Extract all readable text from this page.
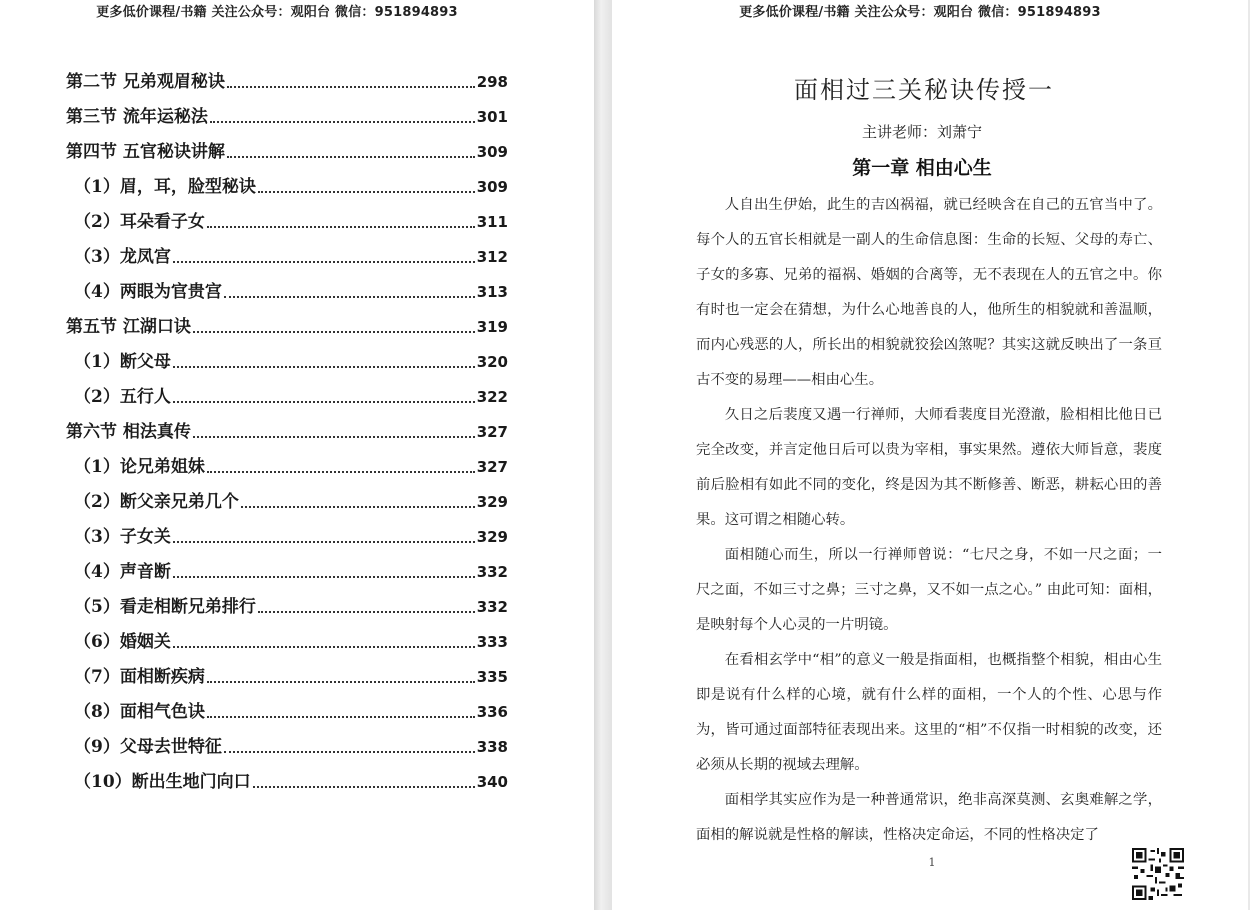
更多低价课程/书籍 关注公众号：观阳台 微信：951894893
第二节 兄弟观眉秘诀	298
第三节 流年运秘法	301
第四节 五官秘诀讲解	309
（1）眉，耳，脸型秘诀	309
（2）耳朵看子女	311
（3）龙凤宫	312
（4）两眼为官贵宫	313
第五节 江湖口诀	319
（1）断父母	320
（2）五行人	322
第六节 相法真传	327
（1）论兄弟姐妹	327
（2）断父亲兄弟几个	329
（3）子女关	329
（4）声音断	332
（5）看走相断兄弟排行	332
（6）婚姻关	333
（7）面相断疾病	335
（8）面相气色诀	336
（9）父母去世特征	338
（10）断出生地门向口	340
更多低价课程/书籍 关注公众号：观阳台 微信：951894893
面相过三关秘诀传授一
主讲老师：刘萧宁
第一章 相由心生

人自出生伊始，此生的吉凶祸福，就已经映含在自己的五官当中了。每个人的五官长相就是一副人的生命信息图：生命的长短、父母的寿亡、子女的多寡、兄弟的福祸、婚姻的合离等，无不表现在人的五官之中。你有时也一定会在猜想，为什么心地善良的人，他所生的相貌就和善温顺，而内心残恶的人，所长出的相貌就狡狯凶煞呢？其实这就反映出了一条亘古不变的易理——相由心生。

久日之后裴度又遇一行禅师，大师看裴度目光澄澈，脸相相比他日已完全改变，并言定他日后可以贵为宰相，事实果然。遵依大师旨意，裴度前后脸相有如此不同的变化，终是因为其不断修善、断恶，耕耘心田的善果。这可谓之相随心转。

面相随心而生，所以一行禅师曾说：“七尺之身，不如一尺之面；一尺之面，不如三寸之鼻；三寸之鼻，又不如一点之心。” 由此可知：面相，是映射每个人心灵的一片明镜。

在看相玄学中“相”的意义一般是指面相，也概指整个相貌，相由心生即是说有什么样的心境，就有什么样的面相，一个人的个性、心思与作为，皆可通过面部特征表现出来。这里的“相”不仅指一时相貌的改变，还必须从长期的视域去理解。

面相学其实应作为是一种普通常识，绝非高深莫测、玄奥难解之学，面相的解说就是性格的解读，性格决定命运，不同的性格决定了

1
